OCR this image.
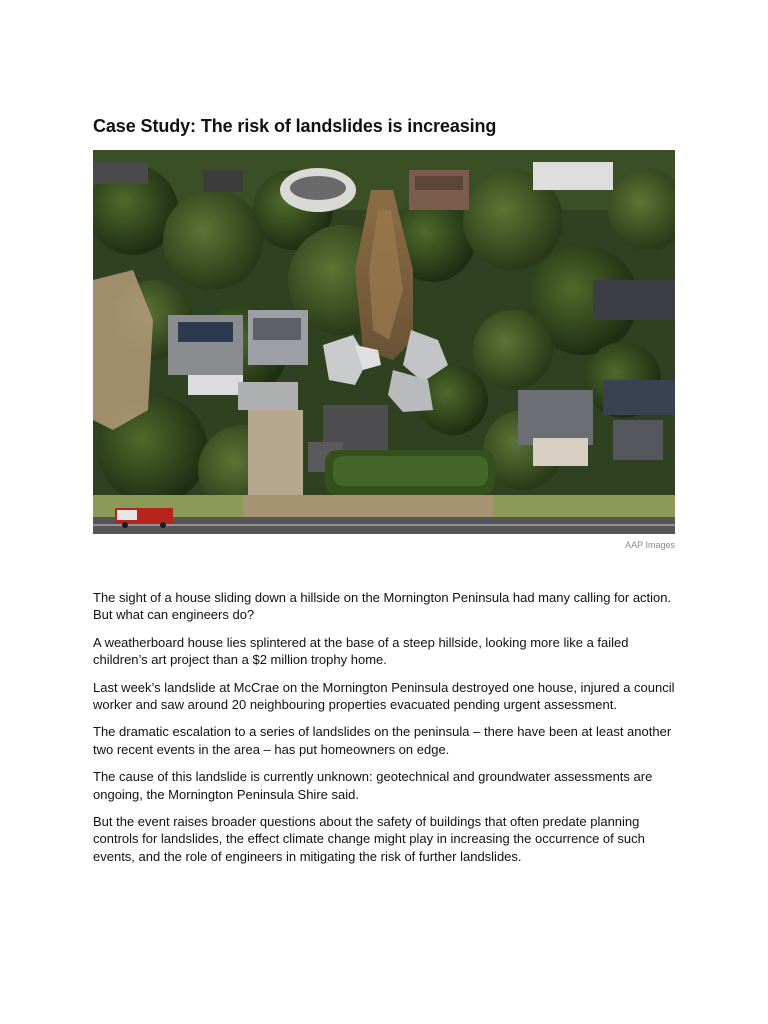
Case Study: The risk of landslides is increasing
AAP Images

The sight of a house sliding down a hillside on the Mornington Peninsula had many calling for action. But what can engineers do?

A weatherboard house lies splintered at the base of a steep hillside, looking more like a failed children’s art project than a $2 million trophy home.

Last week’s landslide at McCrae on the Mornington Peninsula destroyed one house, injured a council worker and saw around 20 neighbouring properties evacuated pending urgent assessment.

The dramatic escalation to a series of landslides on the peninsula – there have been at least another two recent events in the area – has put homeowners on edge.

The cause of this landslide is currently unknown: geotechnical and groundwater assessments are ongoing, the Mornington Peninsula Shire said.

But the event raises broader questions about the safety of buildings that often predate planning controls for landslides, the effect climate change might play in increasing the occurrence of such events, and the role of engineers in mitigating the risk of further landslides.
